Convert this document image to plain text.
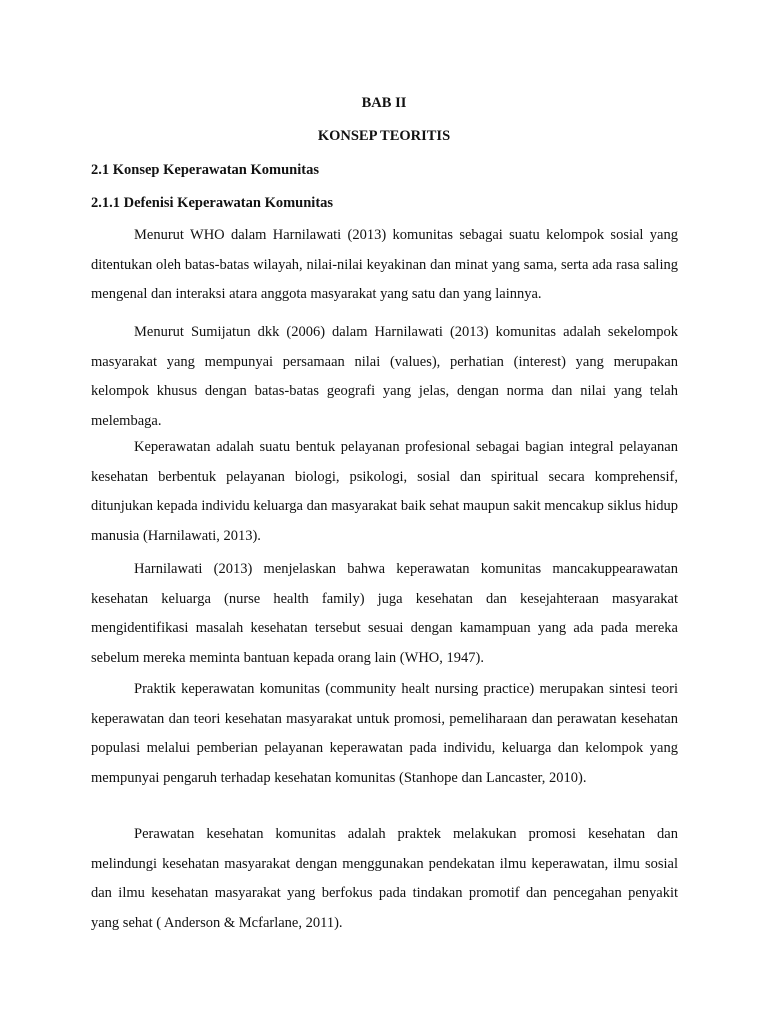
BAB II
KONSEP TEORITIS
2.1 Konsep Keperawatan Komunitas
2.1.1 Defenisi Keperawatan Komunitas

Menurut WHO dalam Harnilawati (2013) komunitas sebagai suatu kelompok sosial yang ditentukan oleh batas-batas wilayah, nilai-nilai keyakinan dan minat yang sama, serta ada rasa saling mengenal dan interaksi atara anggota masyarakat yang satu dan yang lainnya.

Menurut Sumijatun dkk (2006) dalam Harnilawati (2013) komunitas adalah sekelompok masyarakat yang mempunyai persamaan nilai (values), perhatian (interest) yang merupakan kelompok khusus dengan batas-batas geografi yang jelas, dengan norma dan nilai yang telah melembaga.

Keperawatan adalah suatu bentuk pelayanan profesional sebagai bagian integral pelayanan kesehatan berbentuk pelayanan biologi, psikologi, sosial dan spiritual secara komprehensif, ditunjukan kepada individu keluarga dan masyarakat baik sehat maupun sakit mencakup siklus hidup manusia (Harnilawati, 2013).

Harnilawati (2013) menjelaskan bahwa keperawatan komunitas mancakuppearawatan kesehatan keluarga (nurse health family) juga kesehatan dan kesejahteraan masyarakat mengidentifikasi masalah kesehatan tersebut sesuai dengan kamampuan yang ada pada mereka sebelum mereka meminta bantuan kepada orang lain (WHO, 1947).

Praktik keperawatan komunitas (community healt nursing practice) merupakan sintesi teori keperawatan dan teori kesehatan masyarakat untuk promosi, pemeliharaan dan perawatan kesehatan populasi melalui pemberian pelayanan keperawatan pada individu, keluarga dan kelompok yang mempunyai pengaruh terhadap kesehatan komunitas (Stanhope dan Lancaster, 2010).

Perawatan kesehatan komunitas adalah praktek melakukan promosi kesehatan dan melindungi kesehatan masyarakat dengan menggunakan pendekatan ilmu keperawatan, ilmu sosial dan ilmu kesehatan masyarakat yang berfokus pada tindakan promotif dan pencegahan penyakit yang sehat ( Anderson & Mcfarlane, 2011).
